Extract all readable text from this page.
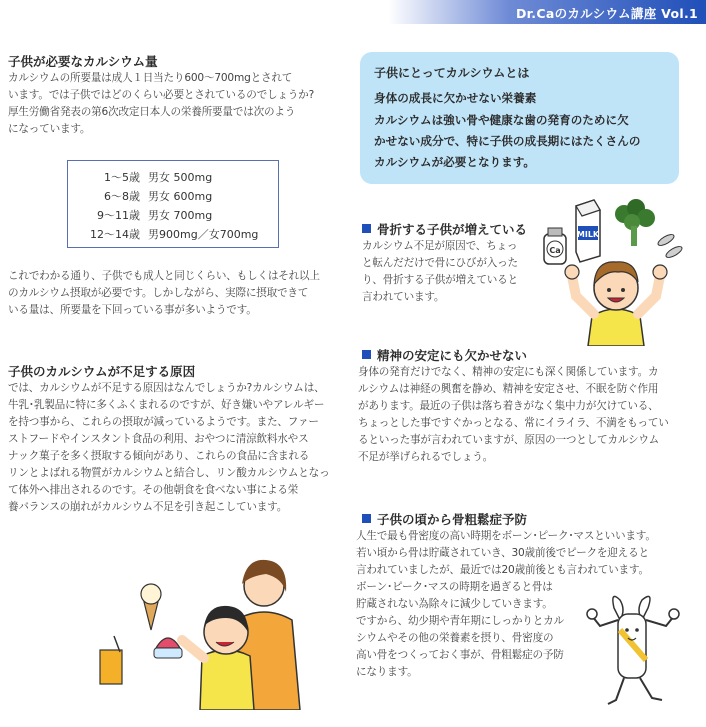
Dr.Caのカルシウム講座 Vol.1
子供が必要なカルシウム量
カルシウムの所要量は成人１日当たり600～700mgとされて
います。では子供ではどのくらい必要とされているのでしょうか?
厚生労働省発表の第6次改定日本人の栄養所要量では次のよう
になっています。
1～5歳 男女 500mg
6～8歳 男女 600mg
9～11歳 男女 700mg
12～14歳 男900mg／女700mg
これでわかる通り、子供でも成人と同じくらい、もしくはそれ以上
のカルシウム摂取が必要です。しかしながら、実際に摂取できて
いる量は、所要量を下回っている事が多いようです。
子供のカルシウムが不足する原因
では、カルシウムが不足する原因はなんでしょうか?カルシウムは、
牛乳･乳製品に特に多くふくまれるのですが、好き嫌いやアレルギー
を持つ事から、これらの摂取が減っているようです。また、ファー
ストフードやインスタント食品の利用、おやつに清涼飲料水やス
ナック菓子を多く摂取する傾向があり、これらの食品に含まれる
リンとよばれる物質がカルシウムと結合し、リン酸カルシウムとなっ
て体外へ排出されるのです。その他朝食を食べない事による栄
養バランスの崩れがカルシウム不足を引き起こしています。
子供にとってカルシウムとは
身体の成長に欠かせない栄養素
カルシウムは強い骨や健康な歯の発育のために欠
かせない成分で、特に子供の成長期にはたくさんの
カルシウムが必要となります。
骨折する子供が増えている
カルシウム不足が原因で、ちょっ
と転んだだけで骨にひびが入った
り、骨折する子供が増えていると
言われています。
MILK
Ca
精神の安定にも欠かせない
身体の発育だけでなく、精神の安定にも深く関係しています。カ
ルシウムは神経の興奮を静め、精神を安定させ、不眠を防ぐ作用
があります。最近の子供は落ち着きがなく集中力が欠けている、
ちょっとした事ですぐかっとなる、常にイライラ、不満をもってい
るといった事が言われていますが、原因の一つとしてカルシウム
不足が挙げられるでしょう。
子供の頃から骨粗鬆症予防
人生で最も骨密度の高い時期をボーン･ピーク･マスといいます。
若い頃から骨は貯蔵されていき、30歳前後でピークを迎えると
言われていましたが、最近では20歳前後とも言われています。
ボーン･ピーク･マスの時期を過ぎると骨は
貯蔵されない為除々に減少していきます。
ですから、幼少期や青年期にしっかりとカル
シウムやその他の栄養素を摂り、骨密度の
高い骨をつくっておく事が、骨粗鬆症の予防
になります。
